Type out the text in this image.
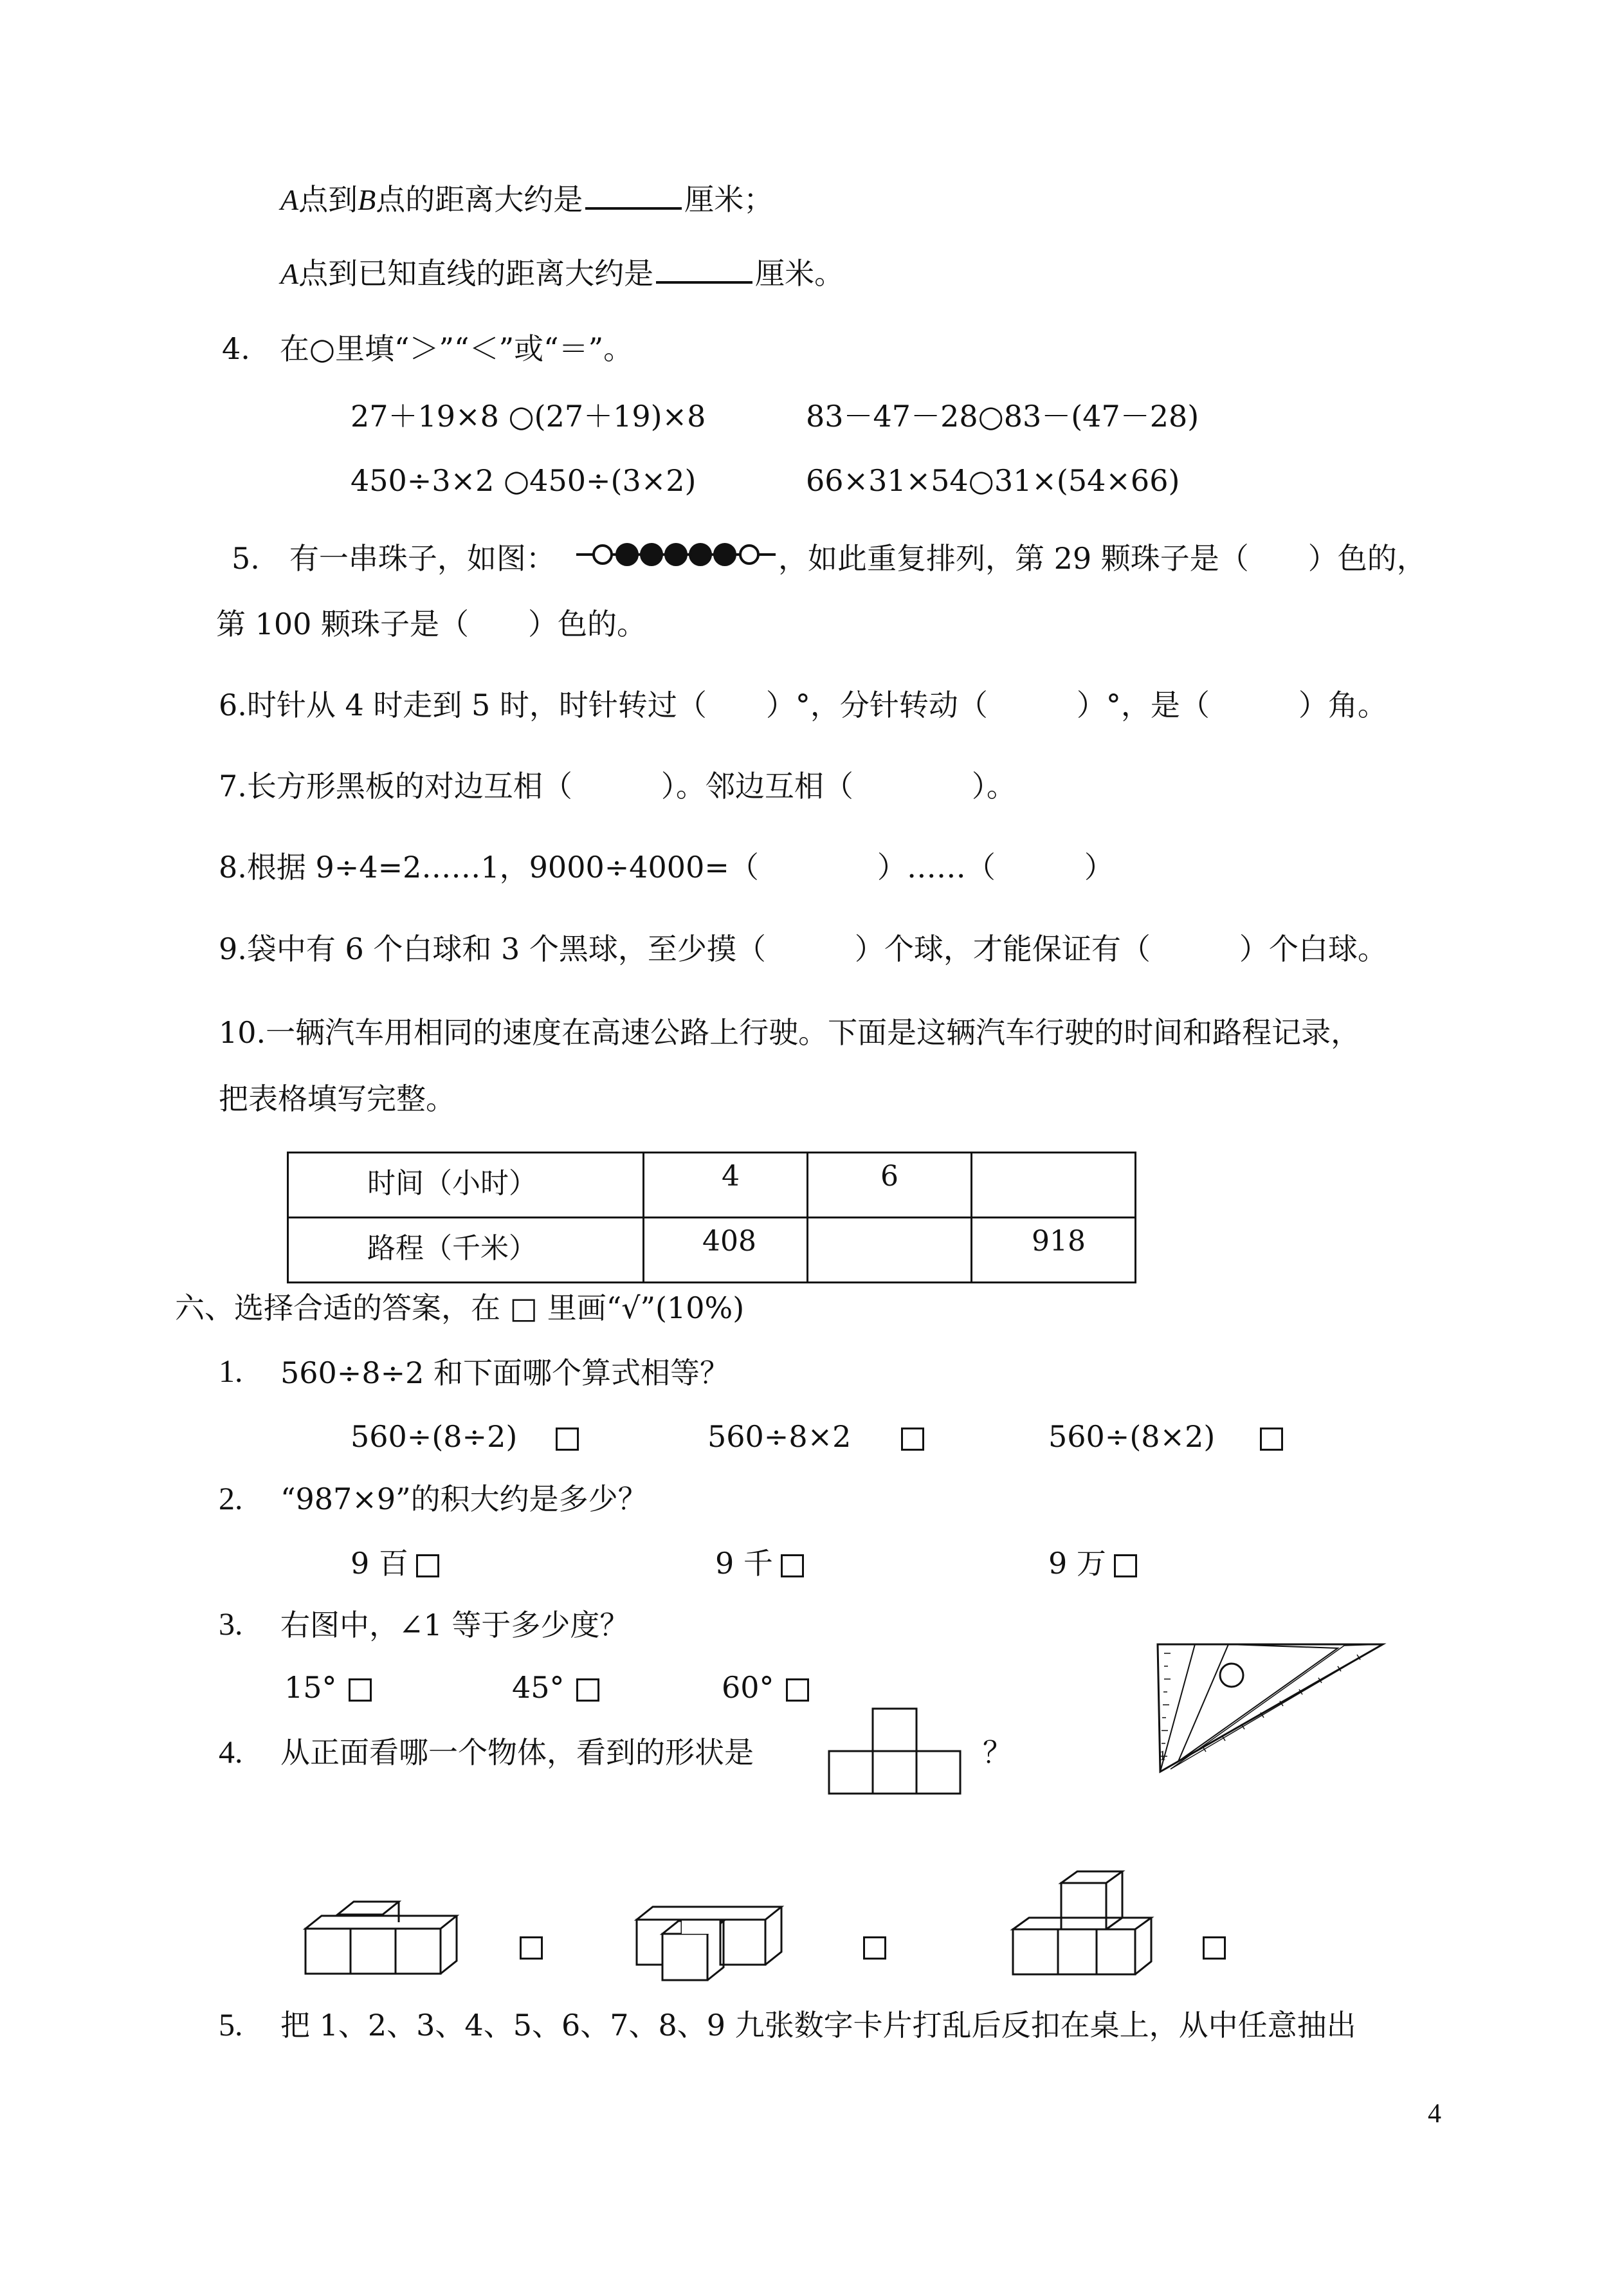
A点到B点的距离大约是	厘米；
A点到已知直线的距离大约是	厘米。
4.　在○里填“＞”“＜”或“＝”。
27＋19×8 ○(27＋19)×8	83－47－28○83－(47－28)
450÷3×2 ○450÷(3×2)	66×31×54○31×(54×66)
5.　有一串珠子，如图：	，如此重复排列，第 29 颗珠子是（　　）色的，
第 100 颗珠子是（　　）色的。
6.时针从 4 时走到 5 时，时针转过（　　）°，分针转动（　　　）°，是（　　　）角。
7.长方形黑板的对边互相（　　　）。邻边互相（　　　　）。
8.根据 9÷4=2……1，9000÷4000=（　　　　）……（　　　）
9.袋中有 6 个白球和 3 个黑球，至少摸（　　　）个球，才能保证有（　　　）个白球。
10.一辆汽车用相同的速度在高速公路上行驶。下面是这辆汽车行驶的时间和路程记录，
把表格填写完整。
时间（小时）	4	6	

路程（千米）	408		918
六、选择合适的答案，在 □ 里画“√”(10%)
1. 560÷8÷2 和下面哪个算式相等？
560÷(8÷2)	560÷8×2	560÷(8×2)
2. “987×9”的积大约是多少？
9 百	9 千	9 万
3. 右图中，∠1 等于多少度？
15°	45°	60°
1
4. 从正面看哪一个物体，看到的形状是	？
5. 把 1、2、3、4、5、6、7、8、9 九张数字卡片打乱后反扣在桌上，从中任意抽出
4
